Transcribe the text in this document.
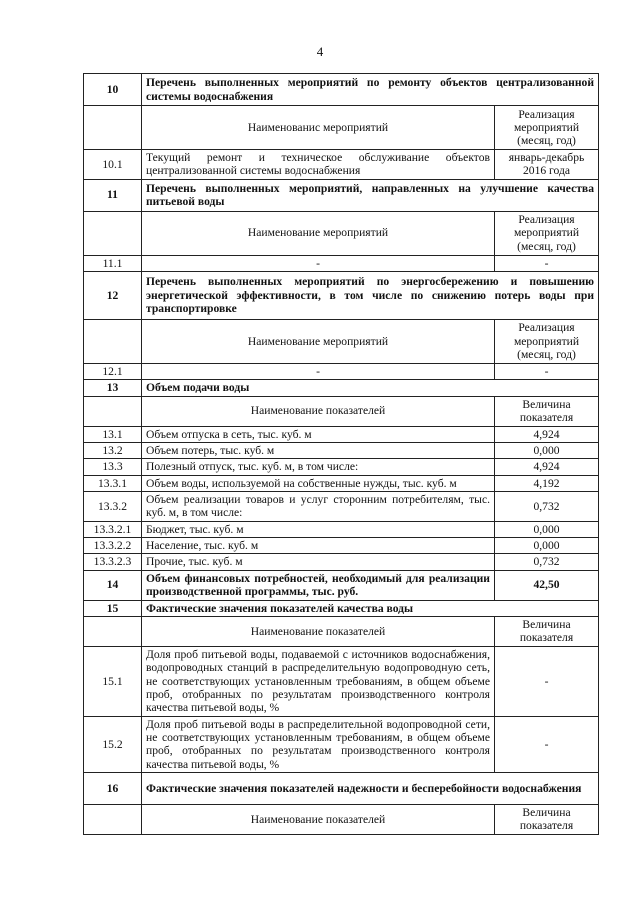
4
10	Перечень выполненных мероприятий по ремонту объектов централизованной системы водоснабжения	
	Наименованис мероприятий	Реализация мероприятий (месяц, год)
10.1	Текущий ремонт и техническое обслуживание объектов централизованной системы водоснабжения	январь-декабрь 2016 года
11	Перечень выполненных мероприятий, направленных на улучшение качества питьевой воды	
	Наименование мероприятий	Реализация мероприятий (месяц, год)
11.1	-	-
12	Перечень выполненных мероприятий по энергосбережению и повышению энергетической эффективности, в том числе по снижению потерь воды при транспортировке	
	Наименование мероприятий	Реализация мероприятий (месяц, год)
12.1	-	-
13	Объем подачи воды	
	Наименование показателей	Величина показателя
13.1	Объем отпуска в сеть, тыс. куб. м	4,924
13.2	Объем потерь, тыс. куб. м	0,000
13.3	Полезный отпуск, тыс. куб. м, в том числе:	4,924
13.3.1	Объем воды, используемой на собственные нужды, тыс. куб. м	4,192
13.3.2	Объем реализации товаров и услуг сторонним потребителям, тыс. куб. м, в том числе:	0,732
13.3.2.1	Бюджет, тыс. куб. м	0,000
13.3.2.2	Население, тыс. куб. м	0,000
13.3.2.3	Прочие, тыс. куб. м	0,732
14	Объем финансовых потребностей, необходимый для реализации производственной программы, тыс. руб.	42,50
15	Фактические значения показателей качества воды	
	Наименование показателей	Величина показателя
15.1	Доля проб питьевой воды, подаваемой с источников водоснабжения, водопроводных станций в распределительную водопроводную сеть, не соответствующих установленным требованиям, в общем объеме проб, отобранных по результатам производственного контроля качества питьевой воды, %	-
15.2	Доля проб питьевой воды в распределительной водопроводной сети, не соответствующих установленным требованиям, в общем объеме проб, отобранных по результатам производственного контроля качества питьевой воды, %	-
16	Фактические значения показателей надежности и бесперебойности водоснабжения	
	Наименование показателей	Величина показателя
